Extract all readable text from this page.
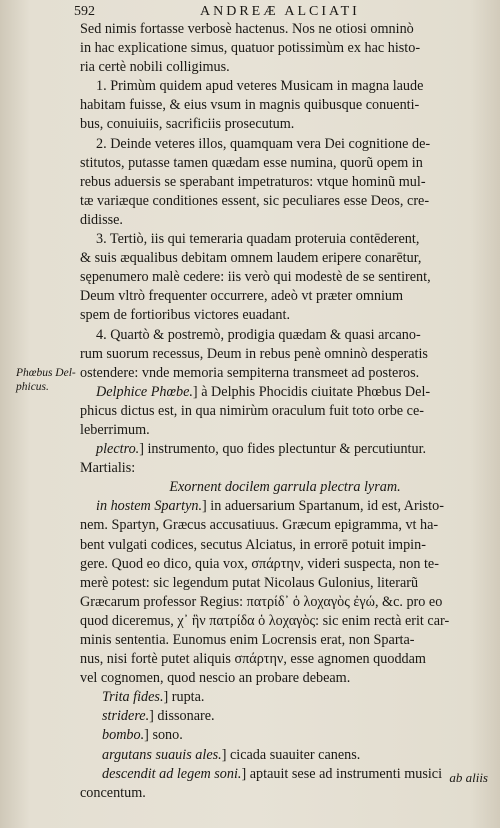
592	ANDREÆ ALCIATI
Phœbus Del-
phicus.
Sed nimis fortasse verbosè hactenus. Nos ne otiosi omninò
in hac explicatione simus, quatuor potissimùm ex hac histo-
ria certè nobili colligimus.
1. Primùm quidem apud veteres Musicam in magna laude
habitam fuisse, & eius vsum in magnis quibusque conuenti-
bus, conuiuiis, sacrificiis prosecutum.
2. Deinde veteres illos, quamquam vera Dei cognitione de-
stitutos, putasse tamen quædam esse numina, quorũ opem in
rebus aduersis se sperabant impetraturos: vtque hominũ mul-
tæ variæque conditiones essent, sic peculiares esse Deos, cre-
didisse.
3. Tertiò, iis qui temeraria quadam proteruia contēderent,
& suis æqualibus debitam omnem laudem eripere conarētur,
sępenumero malè cedere: iis verò qui modestè de se sentirent,
Deum vltrò frequenter occurrere, adeò vt præter omnium
spem de fortioribus victores euadant.
4. Quartò & postremò, prodigia quædam & quasi arcano-
rum suorum recessus, Deum in rebus penè omninò desperatis
ostendere: vnde memoria sempiterna transmeet ad posteros.
Delphice Phœbe.] à Delphis Phocidis ciuitate Phœbus Del-
phicus dictus est, in qua nimirùm oraculum fuit toto orbe ce-
leberrimum.
plectro.] instrumento, quo fides plectuntur & percutiuntur.
Martialis:
Exornent docilem garrula plectra lyram.
in hostem Spartyn.] in aduersarium Spartanum, id est, Aristo-
nem. Spartyn, Græcus accusatiuus. Græcum epigramma, vt ha-
bent vulgati codices, secutus Alciatus, in errorē potuit impin-
gere. Quod eo dico, quia vox, σπάρτην, videri suspecta, non te-
merè potest: sic legendum putat Nicolaus Gulonius, literarũ
Græcarum professor Regius: πατρίδ᾽ ὁ λοχαγὸς ἐγώ, &c. pro eo
quod diceremus, χ᾽ ἣν πατρίδα ὁ λοχαγὸς: sic enim rectà erit car-
minis sententia. Eunomus enim Locrensis erat, non Sparta-
nus, nisi fortè putet aliquis σπάρτην, esse agnomen quoddam
vel cognomen, quod nescio an probare debeam.
Trita fides.] rupta.
stridere.] dissonare.
bombo.] sono.
argutans suauis ales.] cicada suauiter canens.
descendit ad legem soni.] aptauit sese ad instrumenti musici
concentum.
ab aliis
